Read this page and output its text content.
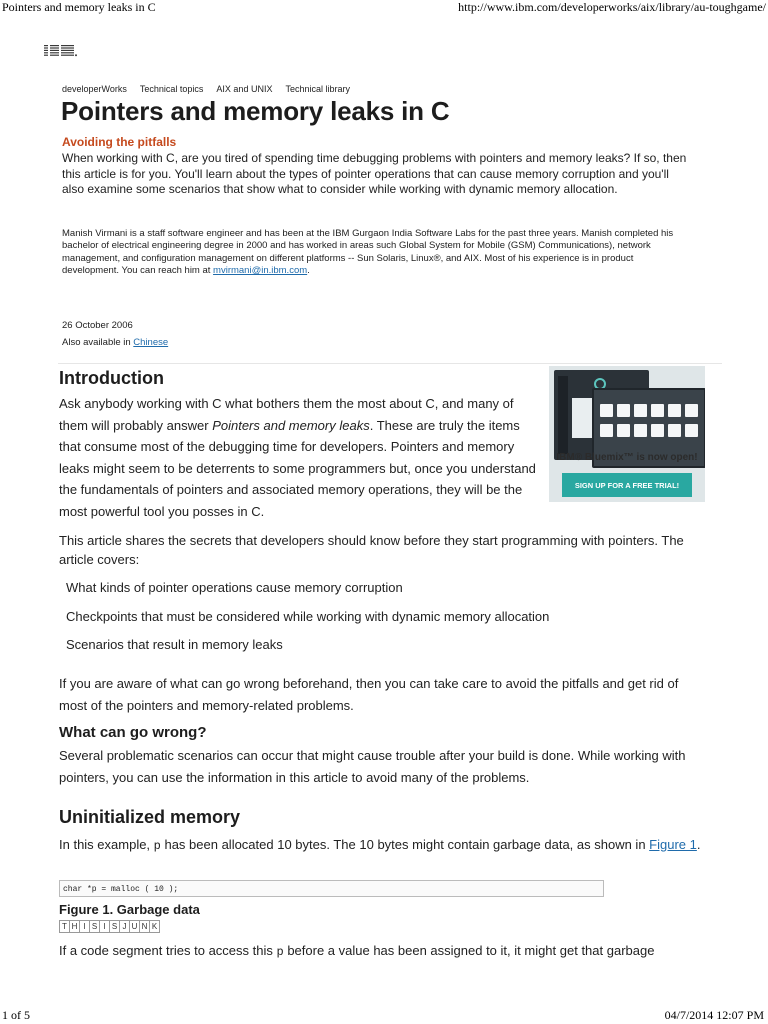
Pointers and memory leaks in C	http://www.ibm.com/developerworks/aix/library/au-toughgame/
developerWorks Technical topics AIX and UNIX Technical library
Pointers and memory leaks in C
Avoiding the pitfalls
When working with C, are you tired of spending time debugging problems with pointers and memory leaks? If so, then this article is for you. You'll learn about the types of pointer operations that can cause memory corruption and you'll also examine some scenarios that show what to consider while working with dynamic memory allocation.
Manish Virmani is a staff software engineer and has been at the IBM Gurgaon India Software Labs for the past three years. Manish completed his bachelor of electrical engineering degree in 2000 and has worked in areas such Global System for Mobile (GSM) Communications), network management, and configuration management on different platforms -- Sun Solaris, Linux®, and AIX. Most of his experience is in product development. You can reach him at mvirmani@in.ibm.com.
26 October 2006
Also available in Chinese
Introduction
Ask anybody working with C what bothers them the most about C, and many of them will probably answer Pointers and memory leaks. These are truly the items that consume most of the debugging time for developers. Pointers and memory leaks might seem to be deterrents to some programmers but, once you understand the fundamentals of pointers and associated memory operations, they will be the most powerful tool you posses in C.
IBM® Bluemix™ is now open!
SIGN UP FOR A FREE TRIAL!
This article shares the secrets that developers should know before they start programming with pointers. The article covers:
What kinds of pointer operations cause memory corruption
Checkpoints that must be considered while working with dynamic memory allocation
Scenarios that result in memory leaks
If you are aware of what can go wrong beforehand, then you can take care to avoid the pitfalls and get rid of most of the pointers and memory-related problems.
What can go wrong?
Several problematic scenarios can occur that might cause trouble after your build is done. While working with pointers, you can use the information in this article to avoid many of the problems.
Uninitialized memory
In this example, p has been allocated 10 bytes. The 10 bytes might contain garbage data, as shown in Figure 1.
char *p = malloc ( 10 );
Figure 1. Garbage data
T H I S I S J U N K
If a code segment tries to access this p before a value has been assigned to it, it might get that garbage
1 of 5	04/7/2014 12:07 PM
